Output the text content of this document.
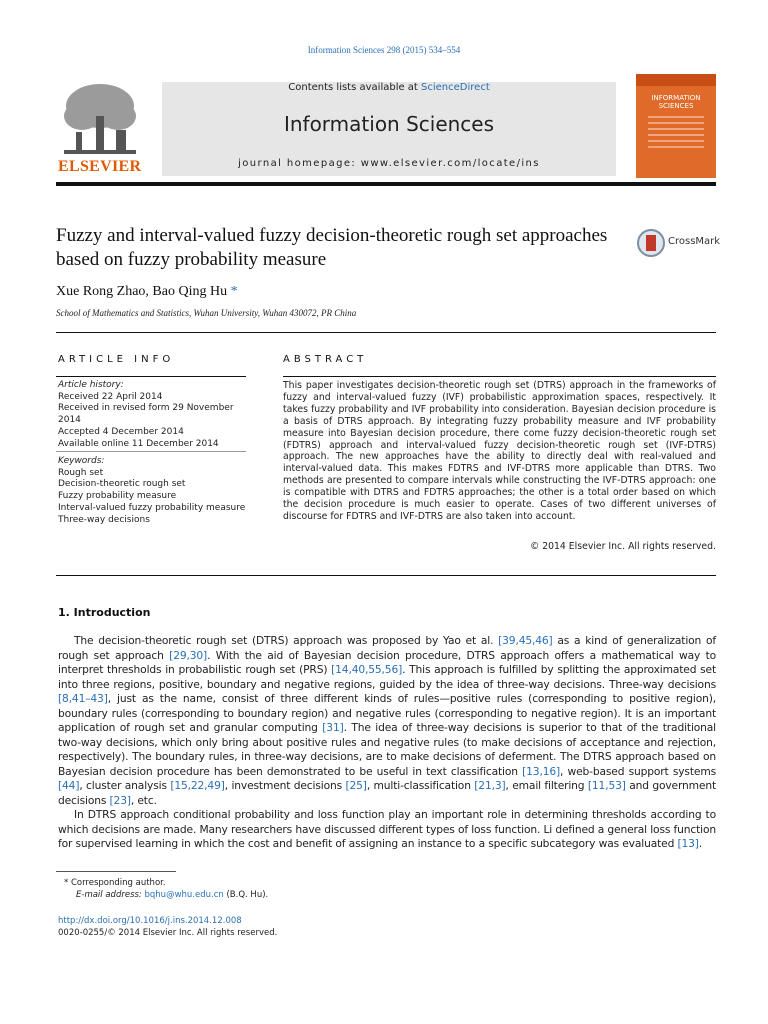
Information Sciences 298 (2015) 534–554
ELSEVIER
Contents lists available at ScienceDirect
Information Sciences
journal homepage: www.elsevier.com/locate/ins
INFORMATION SCIENCES
Fuzzy and interval-valued fuzzy decision-theoretic rough set approaches based on fuzzy probability measure
CrossMark
Xue Rong Zhao, Bao Qing Hu *
School of Mathematics and Statistics, Wuhan University, Wuhan 430072, PR China
ARTICLE INFO	ABSTRACT
Article history:
Received 22 April 2014
Received in revised form 29 November 2014
Accepted 4 December 2014
Available online 11 December 2014
Keywords:
Rough set
Decision-theoretic rough set
Fuzzy probability measure
Interval-valued fuzzy probability measure
Three-way decisions
This paper investigates decision-theoretic rough set (DTRS) approach in the frameworks of fuzzy and interval-valued fuzzy (IVF) probabilistic approximation spaces, respectively. It takes fuzzy probability and IVF probability into consideration. Bayesian decision procedure is a basis of DTRS approach. By integrating fuzzy probability measure and IVF probability measure into Bayesian decision procedure, there come fuzzy decision-theoretic rough set (FDTRS) approach and interval-valued fuzzy decision-theoretic rough set (IVF-DTRS) approach. The new approaches have the ability to directly deal with real-valued and interval-valued data. This makes FDTRS and IVF-DTRS more applicable than DTRS. Two methods are presented to compare intervals while constructing the IVF-DTRS approach: one is compatible with DTRS and FDTRS approaches; the other is a total order based on which the decision procedure is much easier to operate. Cases of two different universes of discourse for FDTRS and IVF-DTRS are also taken into account.
© 2014 Elsevier Inc. All rights reserved.
1. Introduction
The decision-theoretic rough set (DTRS) approach was proposed by Yao et al. [39,45,46] as a kind of generalization of rough set approach [29,30]. With the aid of Bayesian decision procedure, DTRS approach offers a mathematical way to interpret thresholds in probabilistic rough set (PRS) [14,40,55,56]. This approach is fulfilled by splitting the approximated set into three regions, positive, boundary and negative regions, guided by the idea of three-way decisions. Three-way decisions [8,41–43], just as the name, consist of three different kinds of rules—positive rules (corresponding to positive region), boundary rules (corresponding to boundary region) and negative rules (corresponding to negative region). It is an important application of rough set and granular computing [31]. The idea of three-way decisions is superior to that of the traditional two-way decisions, which only bring about positive rules and negative rules (to make decisions of acceptance and rejection, respectively). The boundary rules, in three-way decisions, are to make decisions of deferment. The DTRS approach based on Bayesian decision procedure has been demonstrated to be useful in text classification [13,16], web-based support systems [44], cluster analysis [15,22,49], investment decisions [25], multi-classification [21,3], email filtering [11,53] and government decisions [23], etc.
In DTRS approach conditional probability and loss function play an important role in determining thresholds according to which decisions are made. Many researchers have discussed different types of loss function. Li defined a general loss function for supervised learning in which the cost and benefit of assigning an instance to a specific subcategory was evaluated [13].
* Corresponding author.
E-mail address: bqhu@whu.edu.cn (B.Q. Hu).
http://dx.doi.org/10.1016/j.ins.2014.12.008
0020-0255/© 2014 Elsevier Inc. All rights reserved.
